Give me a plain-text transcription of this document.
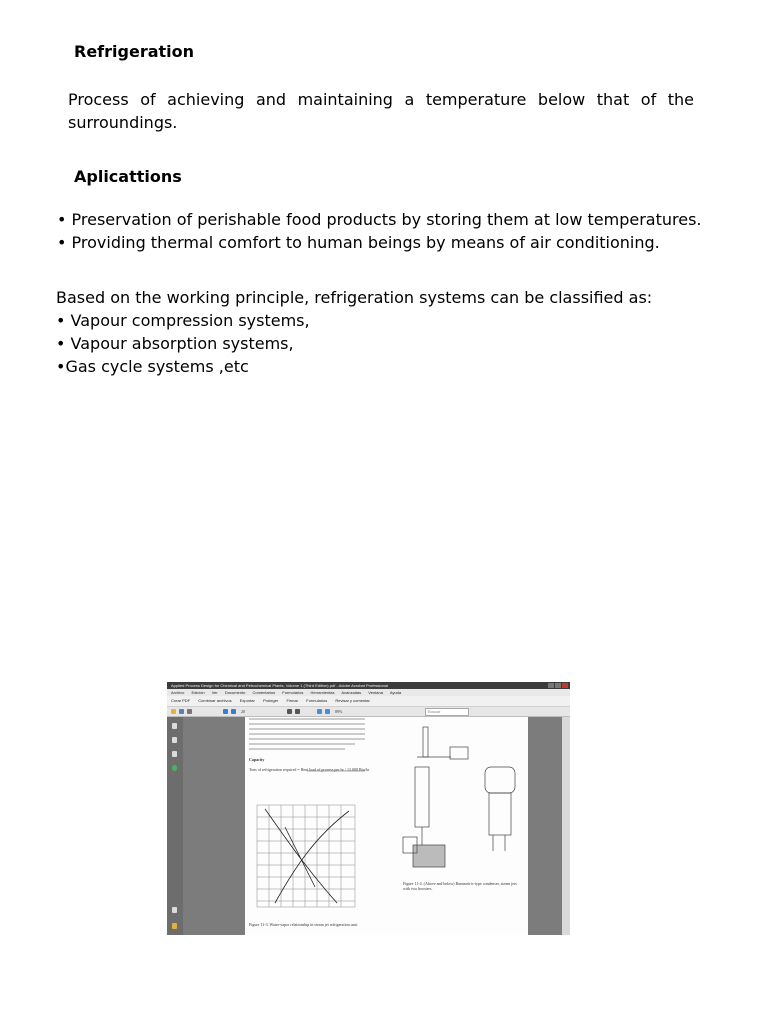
Refrigeration

Process of achieving and maintaining a temperature below that of the

surroundings.

Aplicattions

• Preservation of perishable food products by storing them at low temperatures.

• Providing thermal comfort to human beings by means of air conditioning.

Based on the working principle, refrigeration systems can be classified as:

• Vapour compression systems,

• Vapour absorption systems,

•Gas cycle systems ,etc

Applied Process Design for Chemical and Petrochemical Plants, Volume 1 (Third Edition).pdf - Adobe Acrobat Professional
Archivo Edición Ver Documento Comentarios Formularios Herramientas Avanzadas Ventana Ayuda
Crear PDF Combinar archivos Exportar Proteger Firmar Formularios Revisar y comentar
20	89%	Buscar
Capacity
Tons of refrigeration required = Heat load of process per hr / 12,000 Btu/hr
Figure 11-4. (Above and below) Barometric-type condenser, steam jets with two boosters.
Figure 11-3. Water-vapor relationship in steam jet refrigeration unit.
